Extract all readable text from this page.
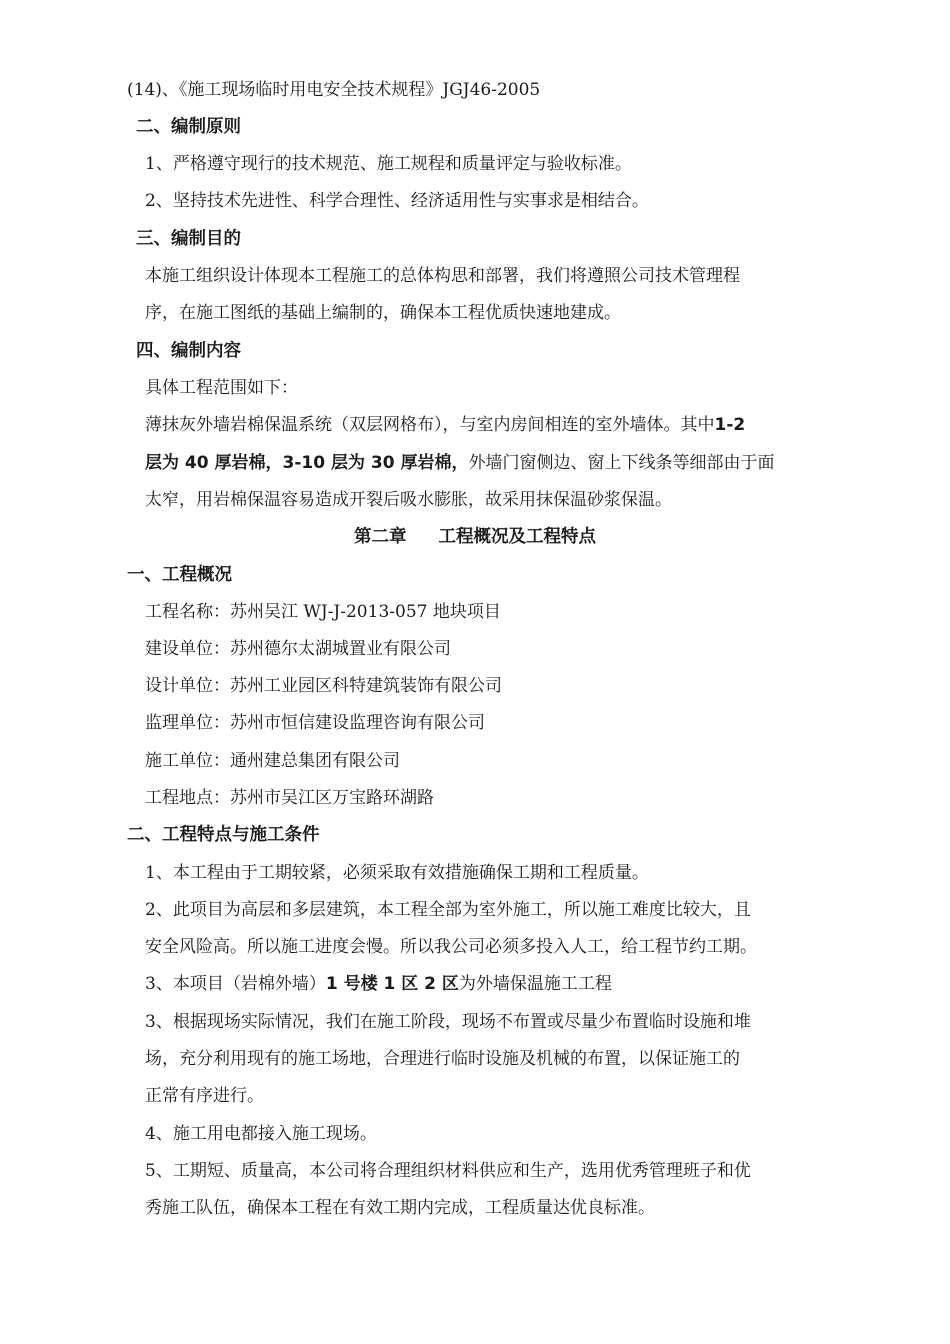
(14)、《施工现场临时用电安全技术规程》JGJ46-2005
二、编制原则
1、严格遵守现行的技术规范、施工规程和质量评定与验收标准。
2、坚持技术先进性、科学合理性、经济适用性与实事求是相结合。
三、编制目的
本施工组织设计体现本工程施工的总体构思和部署，我们将遵照公司技术管理程
序，在施工图纸的基础上编制的，确保本工程优质快速地建成。
四、编制内容
具体工程范围如下：
薄抹灰外墙岩棉保温系统（双层网格布），与室内房间相连的室外墙体。其中1-2
层为 40 厚岩棉，3-10 层为 30 厚岩棉，外墙门窗侧边、窗上下线条等细部由于面
太窄，用岩棉保温容易造成开裂后吸水膨胀，故采用抹保温砂浆保温。
第二章 工程概况及工程特点
一、工程概况
工程名称：苏州吴江 WJ-J-2013-057 地块项目
建设单位：苏州德尔太湖城置业有限公司
设计单位：苏州工业园区科特建筑装饰有限公司
监理单位：苏州市恒信建设监理咨询有限公司
施工单位：通州建总集团有限公司
工程地点：苏州市吴江区万宝路环湖路
二、工程特点与施工条件
1、本工程由于工期较紧，必须采取有效措施确保工期和工程质量。
2、此项目为高层和多层建筑，本工程全部为室外施工，所以施工难度比较大，且
安全风险高。所以施工进度会慢。所以我公司必须多投入人工，给工程节约工期。
3、本项目（岩棉外墙）1 号楼 1 区 2 区为外墙保温施工工程
3、根据现场实际情况，我们在施工阶段，现场不布置或尽量少布置临时设施和堆
场，充分利用现有的施工场地，合理进行临时设施及机械的布置，以保证施工的
正常有序进行。
4、施工用电都接入施工现场。
5、工期短、质量高，本公司将合理组织材料供应和生产，选用优秀管理班子和优
秀施工队伍，确保本工程在有效工期内完成，工程质量达优良标准。
